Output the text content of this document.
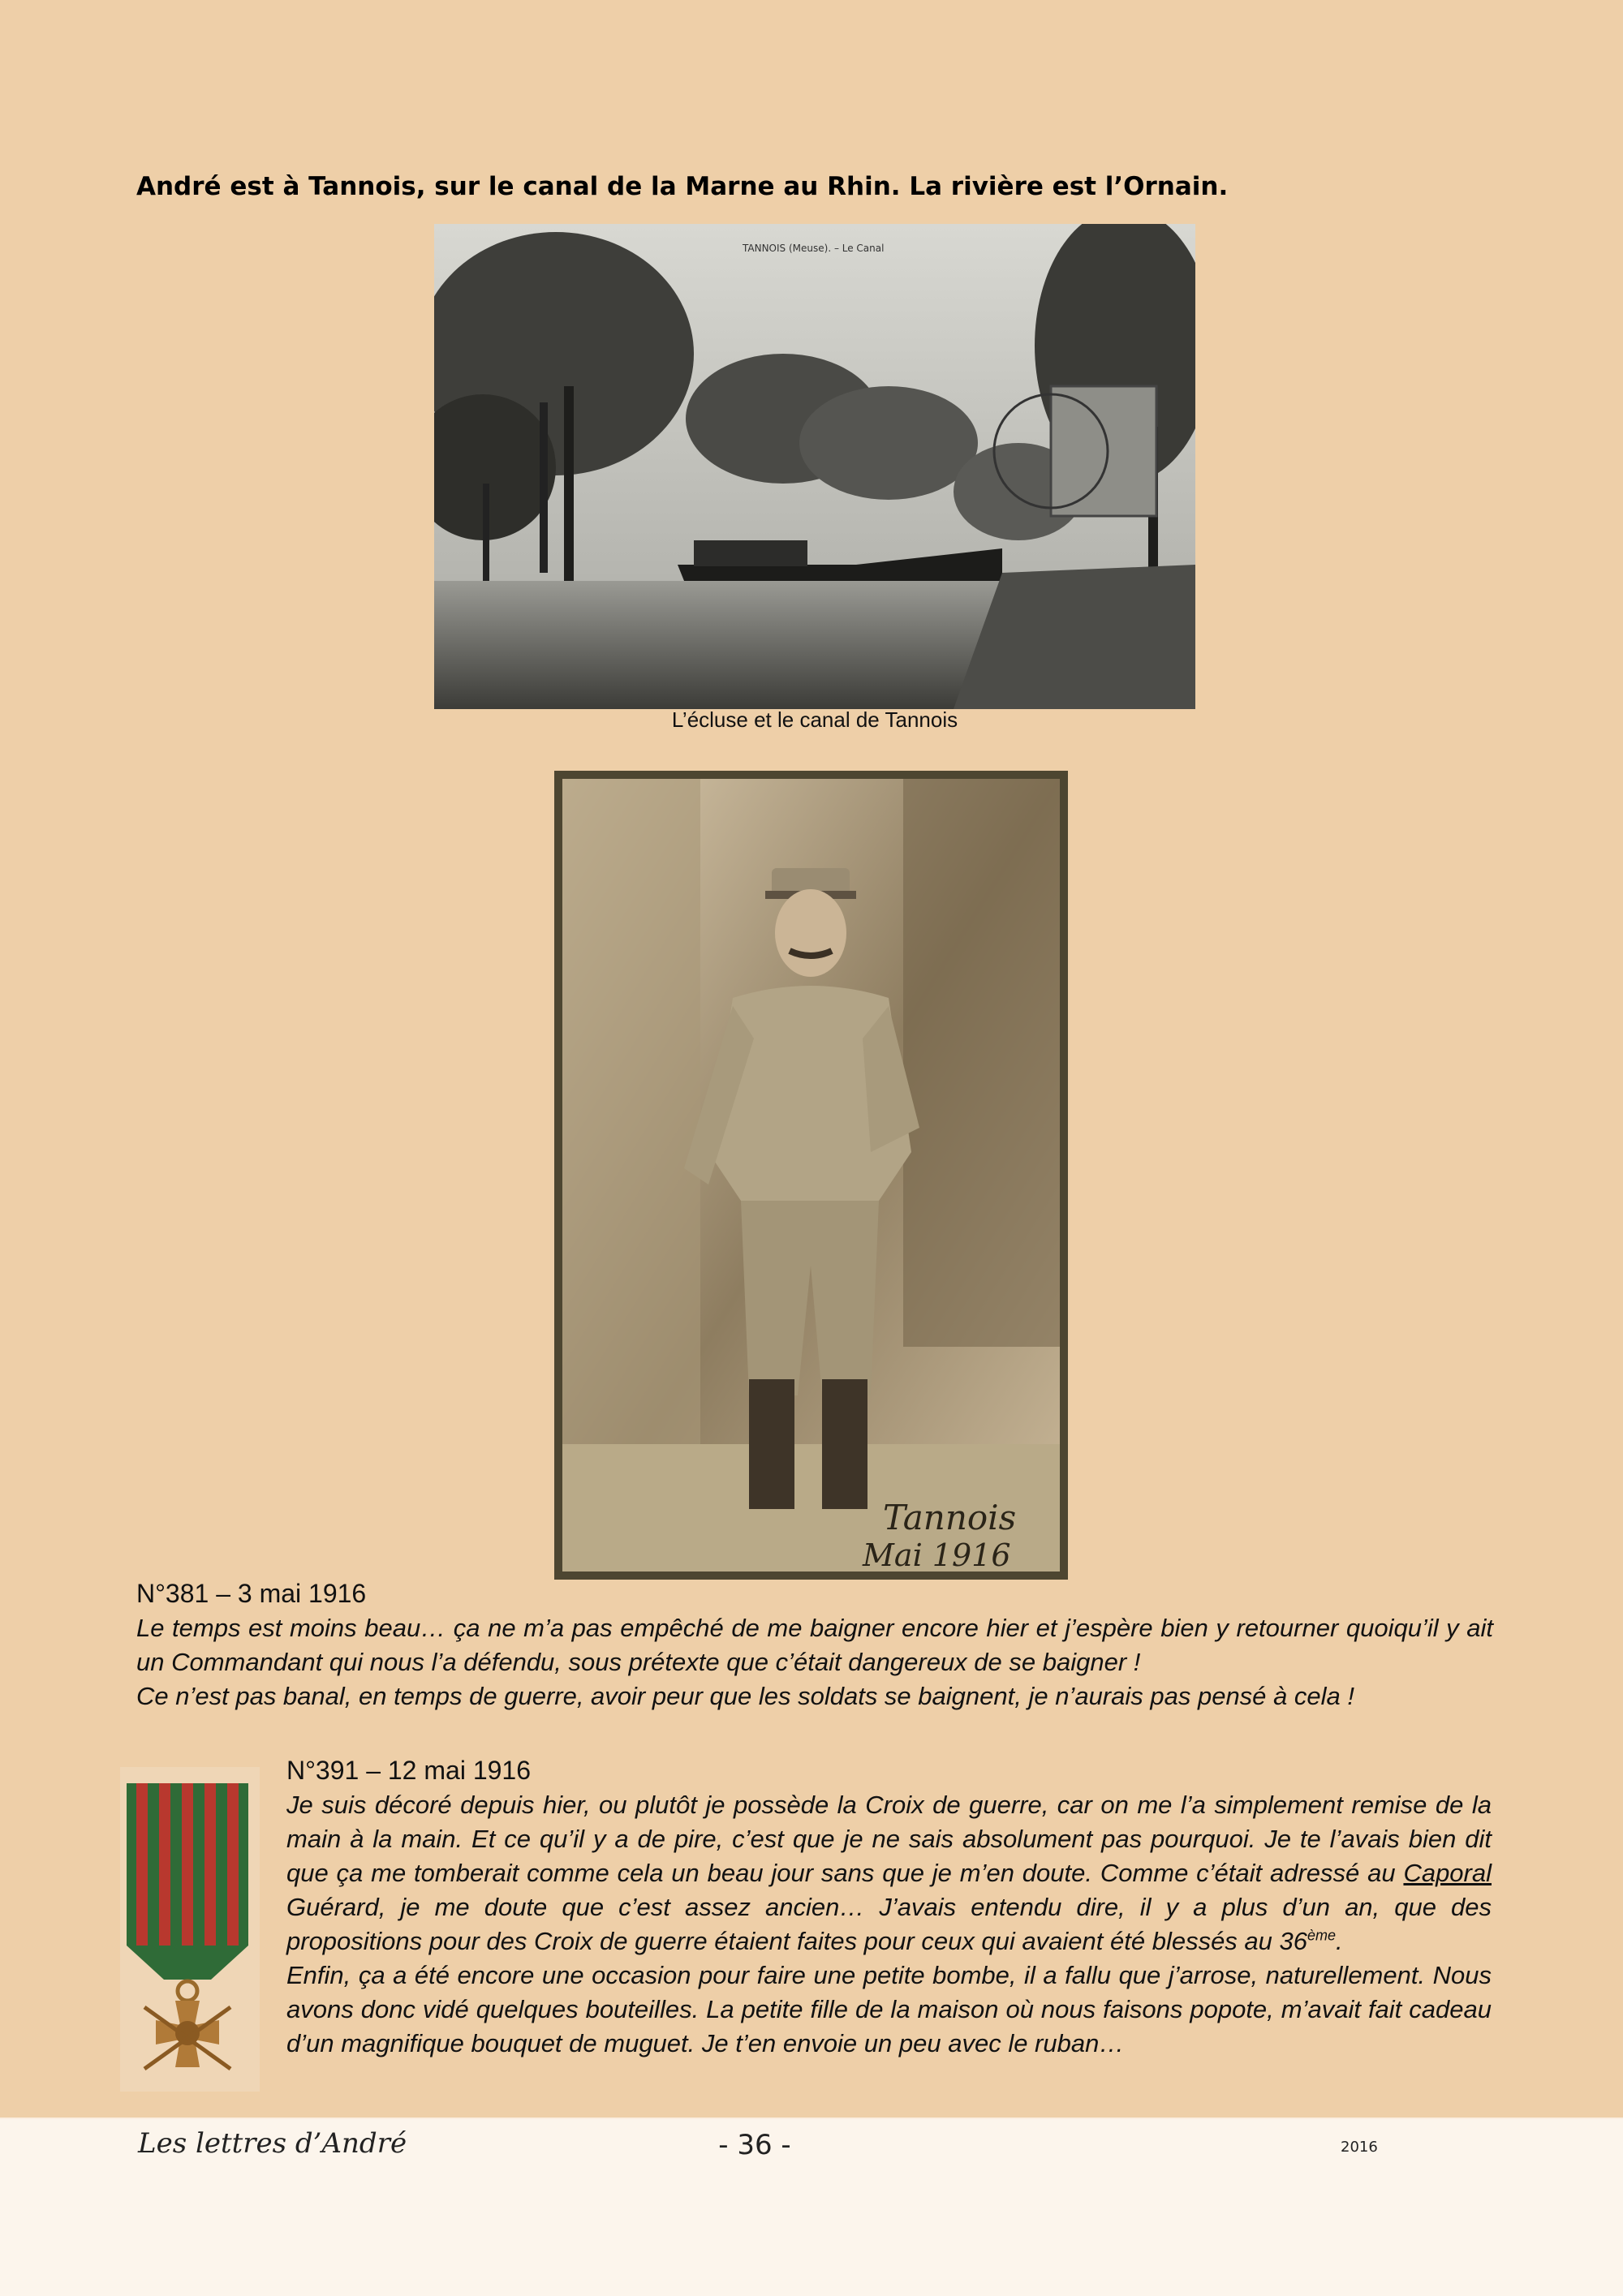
André est à Tannois, sur le canal de la Marne au Rhin. La rivière est l’Ornain.
TANNOIS (Meuse). – Le Canal
L’écluse et le canal de Tannois
Tannois
Mai 1916
N°381 – 3 mai 1916

Le temps est moins beau… ça ne m’a pas empêché de me baigner encore hier et j’espère bien y retourner quoiqu’il y ait un Commandant qui nous l’a défendu, sous prétexte que c’était dangereux de se baigner !

Ce n’est pas banal, en temps de guerre, avoir peur que les soldats se baignent, je n’aurais pas pensé à cela !

N°391 – 12 mai 1916

Je suis décoré depuis hier, ou plutôt je possède la Croix de guerre, car on me l’a simplement remise de la main à la main. Et ce qu’il y a de pire, c’est que je ne sais absolument pas pourquoi. Je te l’avais bien dit que ça me tomberait comme cela un beau jour sans que je m’en doute. Comme c’était adressé au Caporal Guérard, je me doute que c’est assez ancien… J’avais entendu dire, il y a plus d’un an, que des propositions pour des Croix de guerre étaient faites pour ceux qui avaient été blessés au 36ème.

Enfin, ça a été encore une occasion pour faire une petite bombe, il a fallu que j’arrose, naturellement. Nous avons donc vidé quelques bouteilles. La petite fille de la maison où nous faisons popote, m’avait fait cadeau d’un magnifique bouquet de muguet. Je t’en envoie un peu avec le ruban…

Les lettres d’André	- 36 -	2016
